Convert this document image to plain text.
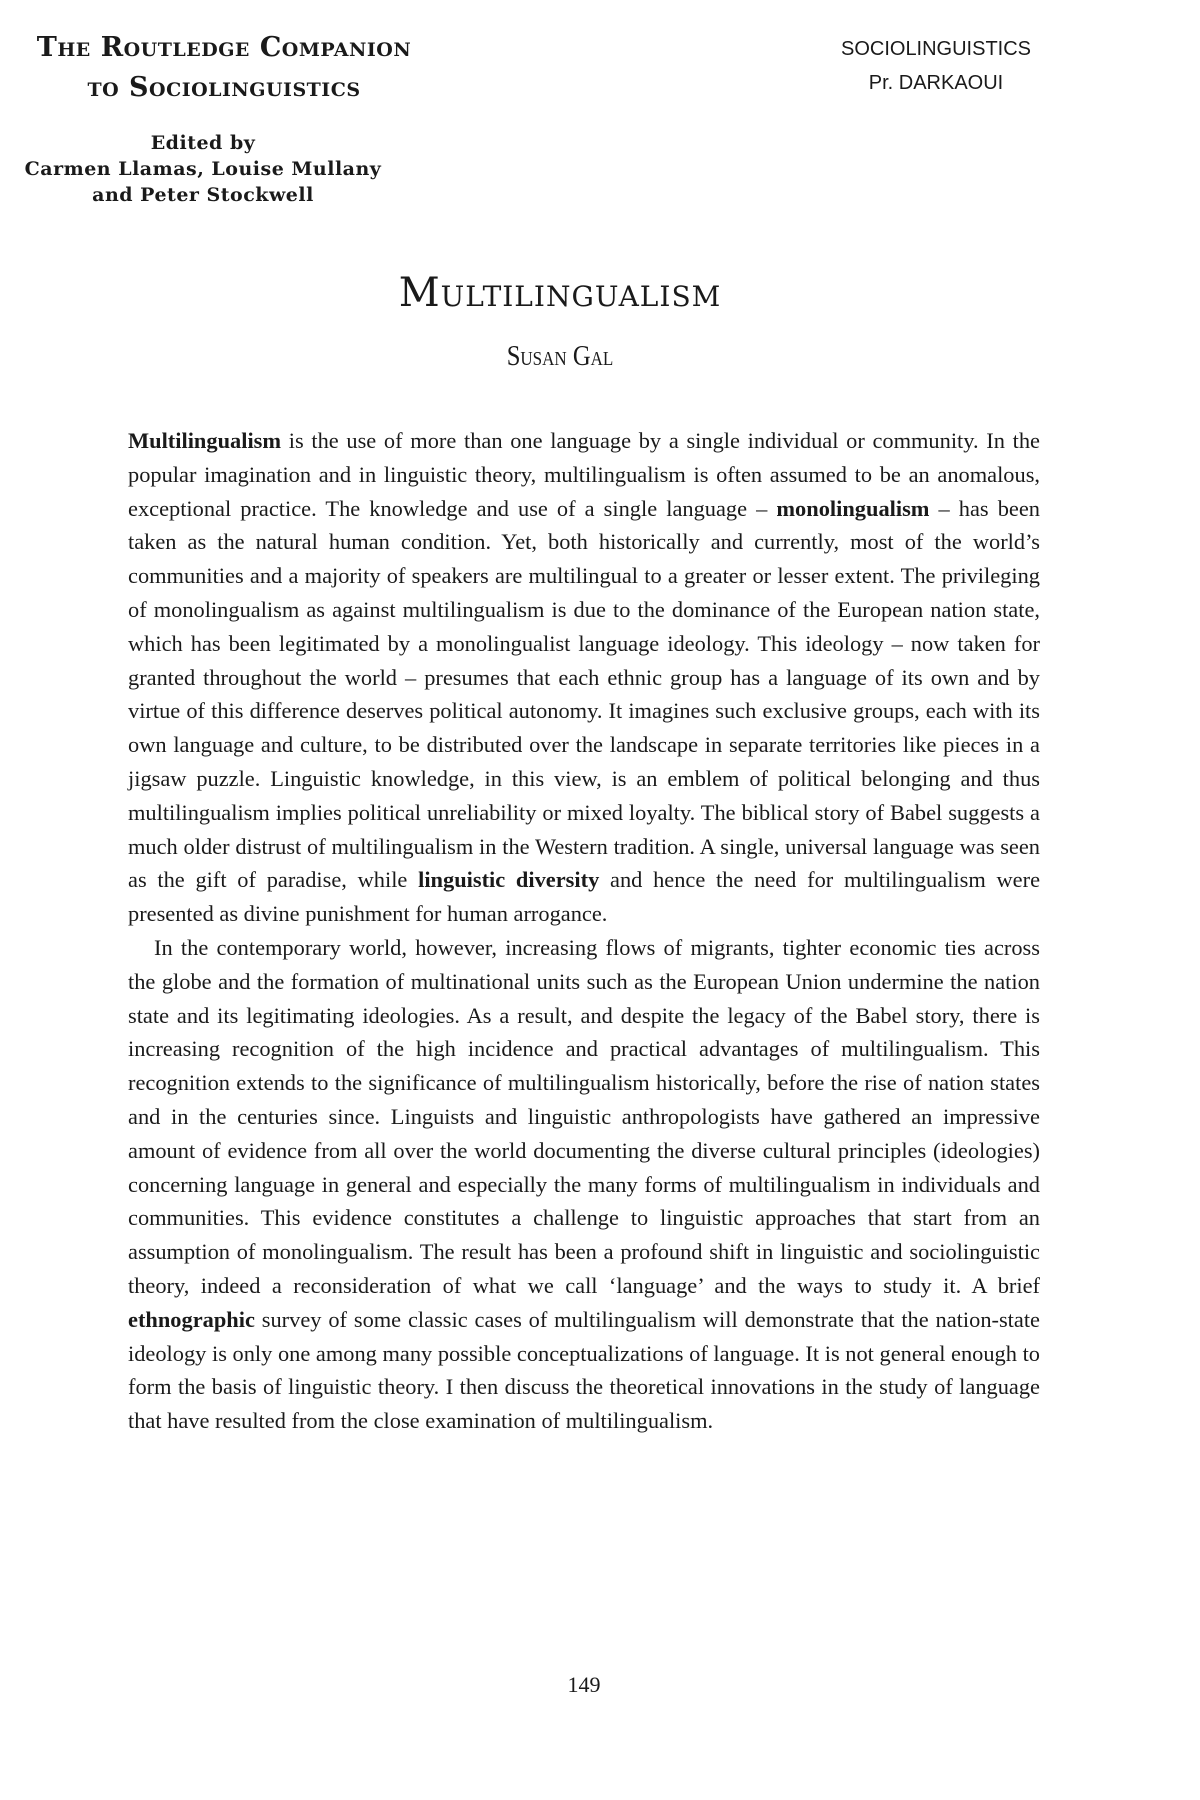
The Routledge Companion
to Sociolinguistics
Edited by
Carmen Llamas, Louise Mullany
and Peter Stockwell
SOCIOLINGUISTICS
Pr. DARKAOUI
Multilingualism
Susan Gal

Multilingualism is the use of more than one language by a single individual or community. In the popular imagination and in linguistic theory, multilingualism is often assumed to be an anomalous, exceptional practice. The knowledge and use of a single language – monolingualism – has been taken as the natural human condition. Yet, both historically and currently, most of the world’s communities and a majority of speakers are multilingual to a greater or lesser extent. The privileging of monolingualism as against multilingualism is due to the dominance of the European nation state, which has been legitimated by a monolingualist language ideology. This ideology – now taken for granted throughout the world – presumes that each ethnic group has a language of its own and by virtue of this difference deserves political autonomy. It imagines such exclusive groups, each with its own language and culture, to be distributed over the landscape in separate territories like pieces in a jigsaw puzzle. Linguistic knowledge, in this view, is an emblem of political belonging and thus multilingualism implies political unreliability or mixed loyalty. The biblical story of Babel suggests a much older distrust of multilingualism in the Western tradition. A single, universal language was seen as the gift of paradise, while linguistic diversity and hence the need for multilingualism were presented as divine punishment for human arrogance.

In the contemporary world, however, increasing flows of migrants, tighter economic ties across the globe and the formation of multinational units such as the European Union undermine the nation state and its legitimating ideologies. As a result, and despite the legacy of the Babel story, there is increasing recognition of the high incidence and practical advantages of multilingualism. This recognition extends to the significance of multilingualism historically, before the rise of nation states and in the centuries since. Linguists and linguistic anthropologists have gathered an impressive amount of evidence from all over the world documenting the diverse cultural principles (ideologies) concerning language in general and especially the many forms of multilingualism in individuals and communities. This evidence constitutes a challenge to linguistic approaches that start from an assumption of monolingualism. The result has been a profound shift in linguistic and sociolinguistic theory, indeed a reconsideration of what we call ‘language’ and the ways to study it. A brief ethnographic survey of some classic cases of multilingualism will demonstrate that the nation-state ideology is only one among many possible conceptualizations of language. It is not general enough to form the basis of linguistic theory. I then discuss the theoretical innovations in the study of language that have resulted from the close examination of multilingualism.

149
